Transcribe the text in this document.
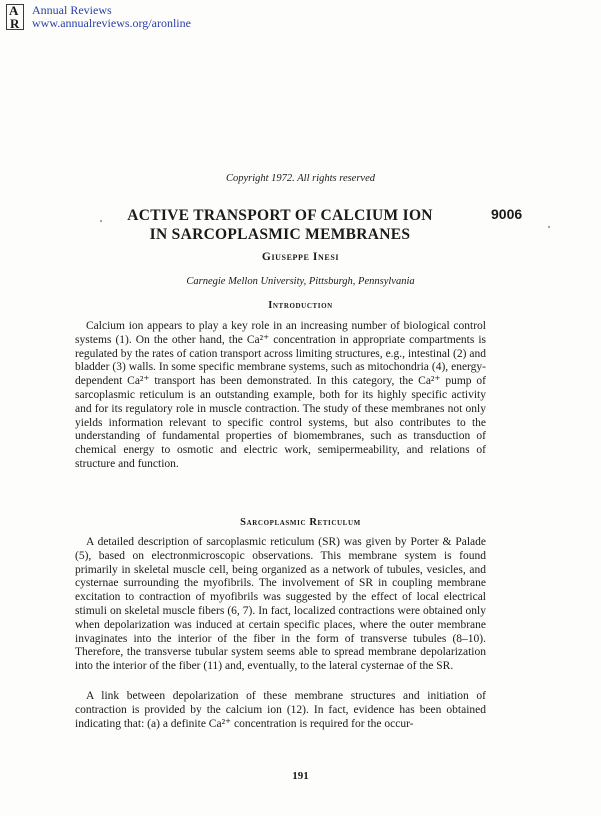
A
R
Annual Reviews
www.annualreviews.org/aronline
Copyright 1972. All rights reserved
ACTIVE TRANSPORT OF CALCIUM ION
IN SARCOPLASMIC MEMBRANES
9006
Giuseppe Inesi
Carnegie Mellon University, Pittsburgh, Pennsylvania
Introduction

Calcium ion appears to play a key role in an increasing number of biological control systems (1). On the other hand, the Ca²⁺ concentration in appropriate compartments is regulated by the rates of cation transport across limiting structures, e.g., intestinal (2) and bladder (3) walls. In some specific membrane systems, such as mitochondria (4), energy-dependent Ca²⁺ transport has been demonstrated. In this category, the Ca²⁺ pump of sarcoplasmic reticulum is an outstanding example, both for its highly specific activity and for its regulatory role in muscle contraction. The study of these membranes not only yields information relevant to specific control systems, but also contributes to the understanding of fundamental properties of biomembranes, such as transduction of chemical energy to osmotic and electric work, semipermeability, and relations of structure and function.

Sarcoplasmic Reticulum

A detailed description of sarcoplasmic reticulum (SR) was given by Porter & Palade (5), based on electronmicroscopic observations. This membrane system is found primarily in skeletal muscle cell, being organized as a network of tubules, vesicles, and cysternae surrounding the myofibrils. The involvement of SR in coupling membrane excitation to contraction of myofibrils was suggested by the effect of local electrical stimuli on skeletal muscle fibers (6, 7). In fact, localized contractions were obtained only when depolarization was induced at certain specific places, where the outer membrane invaginates into the interior of the fiber in the form of transverse tubules (8–10). Therefore, the transverse tubular system seems able to spread membrane depolarization into the interior of the fiber (11) and, eventually, to the lateral cysternae of the SR.

A link between depolarization of these membrane structures and initiation of contraction is provided by the calcium ion (12). In fact, evidence has been obtained indicating that: (a) a definite Ca²⁺ concentration is required for the occur-

191
